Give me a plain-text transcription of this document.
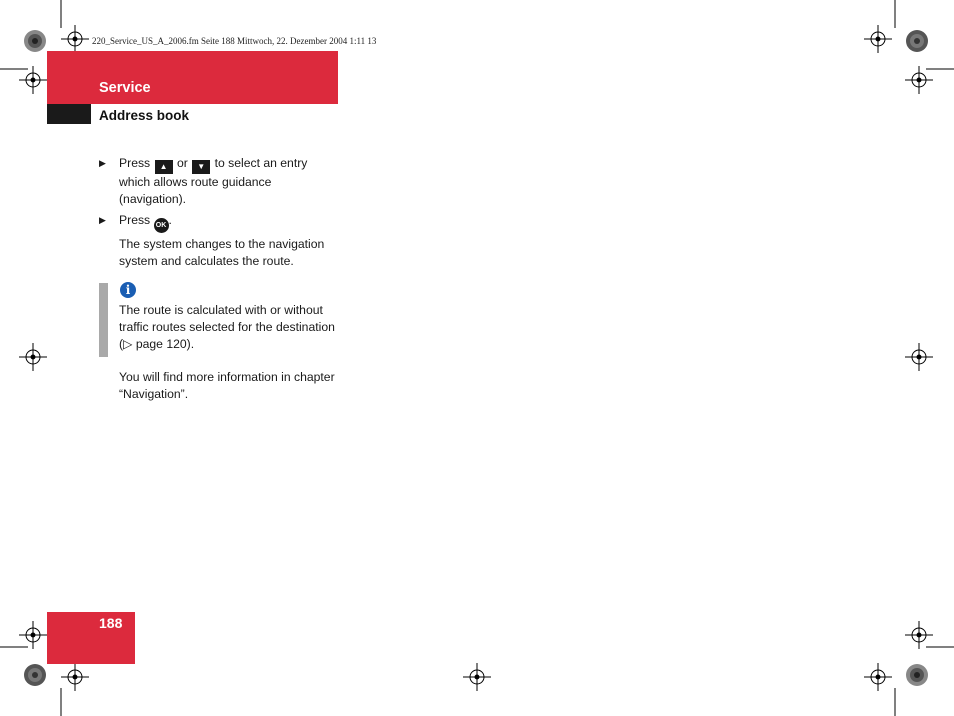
220_Service_US_A_2006.fm Seite 188 Mittwoch, 22. Dezember 2004 1:11 13
Service
Address book
▶ Press ▲ or ▼ to select an entry which allows route guidance (navigation).
▶ Press OK .
The system changes to the navigation system and calculates the route.
i
The route is calculated with or without traffic routes selected for the destination (▷ page 120).
You will find more information in chapter “Navigation”.
188
